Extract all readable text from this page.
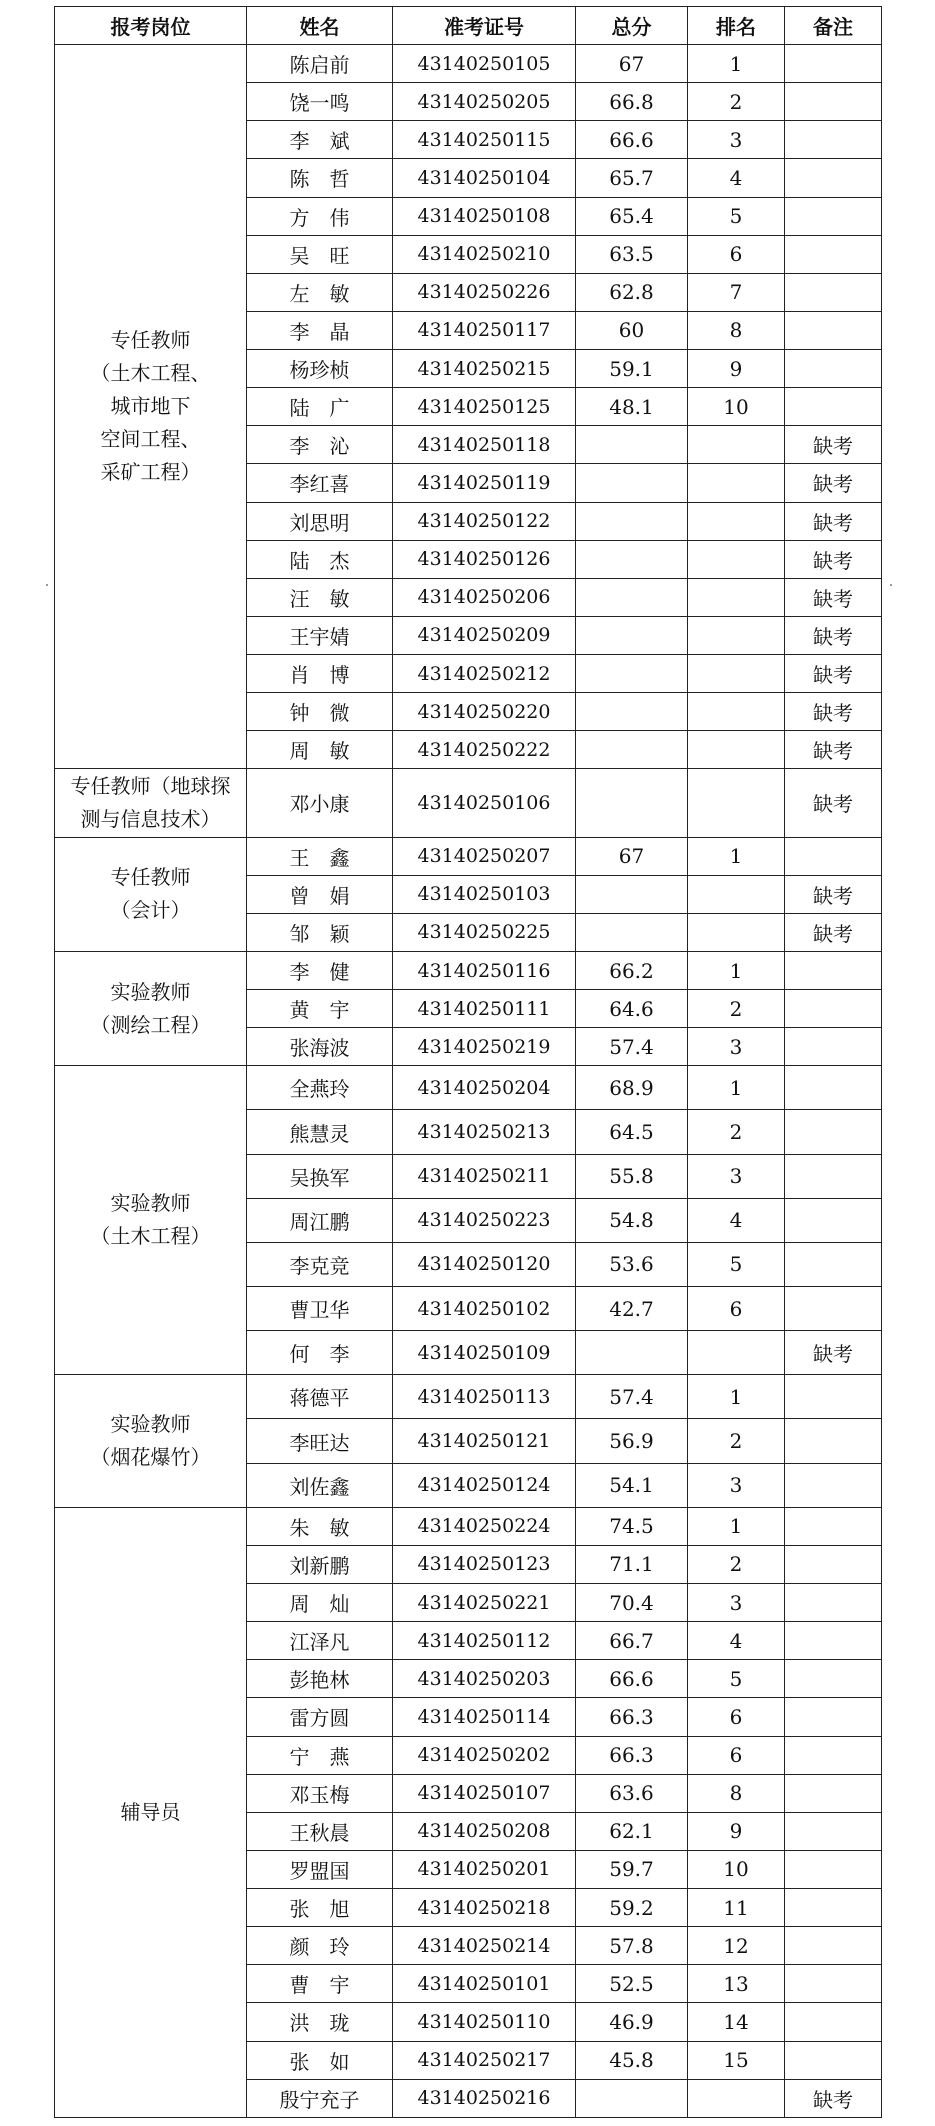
报考岗位	姓名	准考证号	总分	排名	备注
专任教师
（土木工程、
城市地下
空间工程、
采矿工程）	陈启前	43140250105	67	1	
	饶一鸣	43140250205	66.8	2	
	李　斌	43140250115	66.6	3	
	陈　哲	43140250104	65.7	4	
	方　伟	43140250108	65.4	5	
	吴　旺	43140250210	63.5	6	
	左　敏	43140250226	62.8	7	
	李　晶	43140250117	60	8	
	杨珍桢	43140250215	59.1	9	
	陆　广	43140250125	48.1	10	
	李　沁	43140250118			缺考
	李红喜	43140250119			缺考
	刘思明	43140250122			缺考
	陆　杰	43140250126			缺考
	汪　敏	43140250206			缺考
	王宇婧	43140250209			缺考
	肖　博	43140250212			缺考
	钟　微	43140250220			缺考
	周　敏	43140250222			缺考
专任教师（地球探
测与信息技术）	邓小康	43140250106			缺考
专任教师
（会计）	王　鑫	43140250207	67	1	
	曾　娟	43140250103			缺考
	邹　颖	43140250225			缺考
实验教师
（测绘工程）	李　健	43140250116	66.2	1	
	黄　宇	43140250111	64.6	2	
	张海波	43140250219	57.4	3	
实验教师
（土木工程）	全燕玲	43140250204	68.9	1	
	熊慧灵	43140250213	64.5	2	
	吴换军	43140250211	55.8	3	
	周江鹏	43140250223	54.8	4	
	李克竞	43140250120	53.6	5	
	曹卫华	43140250102	42.7	6	
	何　李	43140250109			缺考
实验教师
（烟花爆竹）	蒋德平	43140250113	57.4	1	
	李旺达	43140250121	56.9	2	
	刘佐鑫	43140250124	54.1	3	
辅导员	朱　敏	43140250224	74.5	1	
	刘新鹏	43140250123	71.1	2	
	周　灿	43140250221	70.4	3	
	江泽凡	43140250112	66.7	4	
	彭艳林	43140250203	66.6	5	
	雷方圆	43140250114	66.3	6	
	宁　燕	43140250202	66.3	6	
	邓玉梅	43140250107	63.6	8	
	王秋晨	43140250208	62.1	9	
	罗盟国	43140250201	59.7	10	
	张　旭	43140250218	59.2	11	
	颜　玲	43140250214	57.8	12	
	曹　宇	43140250101	52.5	13	
	洪　珑	43140250110	46.9	14	
	张　如	43140250217	45.8	15	
	殷宁充子	43140250216			缺考
